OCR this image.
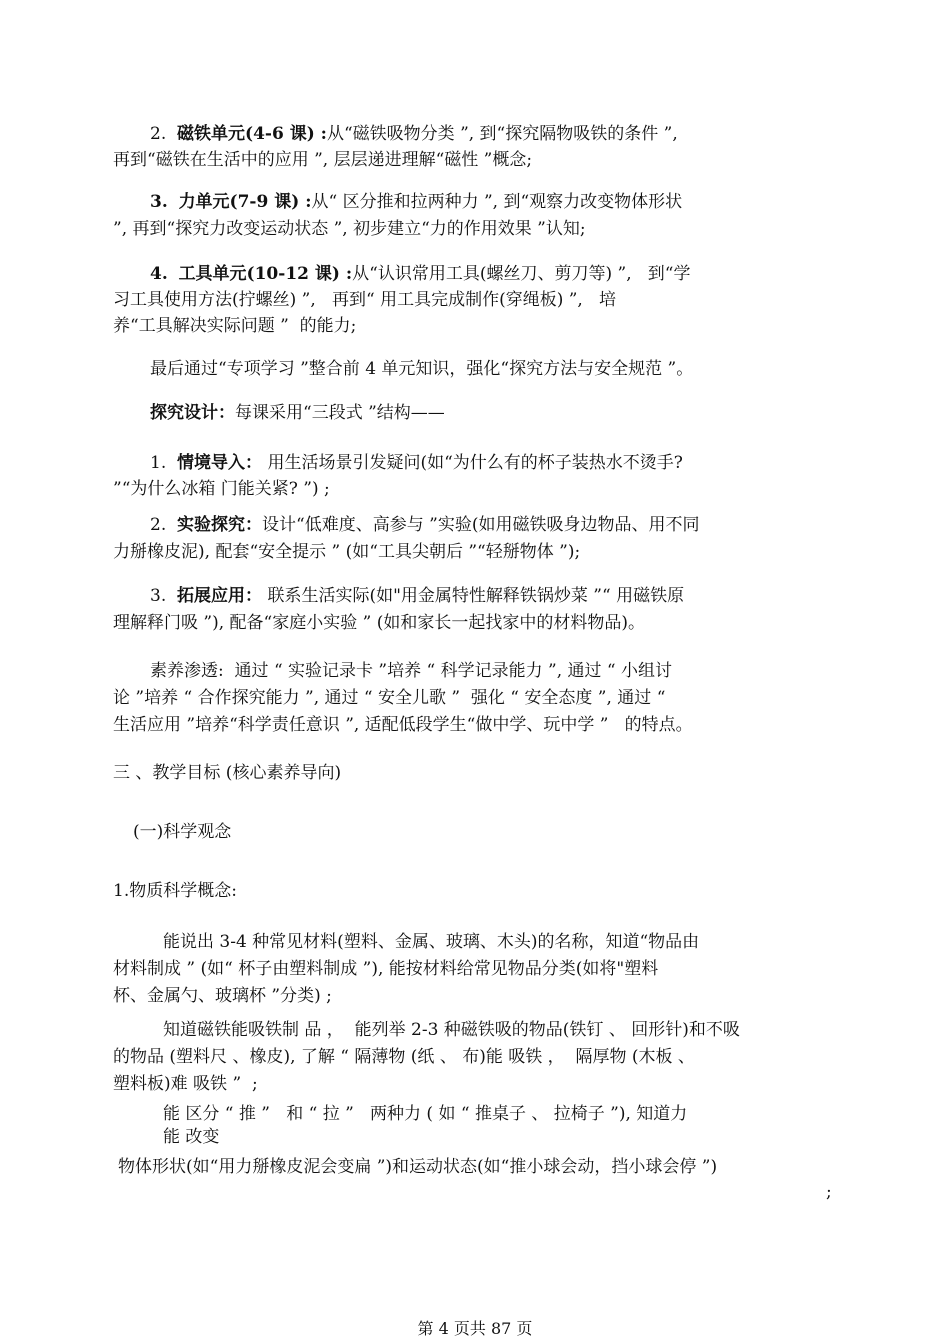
2. 磁铁单元(4-6 课) :从“磁铁吸物分类 ”, 到“探究隔物吸铁的条件 ”,
再到“磁铁在生活中的应用 ”, 层层递进理解“磁性 ”概念;
3. 力单元(7-9 课) :从“ 区分推和拉两种力 ”, 到“观察力改变物体形状
”, 再到“探究力改变运动状态 ”, 初步建立“力的作用效果 ”认知;
4. 工具单元(10-12 课) :从“认识常用工具(螺丝刀、剪刀等) ”,   到“学
习工具使用方法(拧螺丝) ”,   再到“ 用工具完成制作(穿绳板) ”,   培
养“工具解决实际问题 ”  的能力;
最后通过“专项学习 ”整合前 4 单元知识，强化“探究方法与安全规范 ”。
探究设计：每课采用“三段式 ”结构——
1. 情境导入： 用生活场景引发疑问(如“为什么有的杯子装热水不烫手?
”“为什么冰箱 门能关紧? ”) ;
2. 实验探究：设计“低难度、高参与 ”实验(如用磁铁吸身边物品、用不同
力掰橡皮泥), 配套“安全提示 ” (如“工具尖朝后 ”“轻掰物体 ”);
3. 拓展应用： 联系生活实际(如"用金属特性解释铁锅炒菜 ”“ 用磁铁原
理解释门吸 ”), 配备“家庭小实验 ” (如和家长一起找家中的材料物品)。
素养渗透:  通过 “ 实验记录卡 ”培养 “ 科学记录能力 ”, 通过 “ 小组讨
论 ”培养 “ 合作探究能力 ”, 通过 “ 安全儿歌 ”  强化 “ 安全态度 ”, 通过 “
生活应用 ”培养“科学责任意识 ”, 适配低段学生“做中学、玩中学 ”   的特点。
三 、教学目标 (核心素养导向)
(一)科学观念
1.物质科学概念:
能说出 3-4 种常见材料(塑料、金属、玻璃、木头)的名称，知道“物品由
材料制成 ” (如“ 杯子由塑料制成 ”), 能按材料给常见物品分类(如将"塑料
杯、金属勺、玻璃杯 ”分类) ;
知道磁铁能吸铁制 品 ，  能列举 2-3 种磁铁吸的物品(铁钉 、 回形针)和不吸
的物品 (塑料尺 、橡皮), 了解 “ 隔薄物 (纸 、 布)能 吸铁 ，  隔厚物 (木板 、
塑料板)难 吸铁 ”  ;
能 区分 “ 推 ”   和 “ 拉 ”   两种力 ( 如 “ 推桌子 、 拉椅子 ”), 知道力
能 改变
物体形状(如“用力掰橡皮泥会变扁 ”)和运动状态(如“推小球会动，挡小球会停 ”)
;
第 4 页共 87 页
